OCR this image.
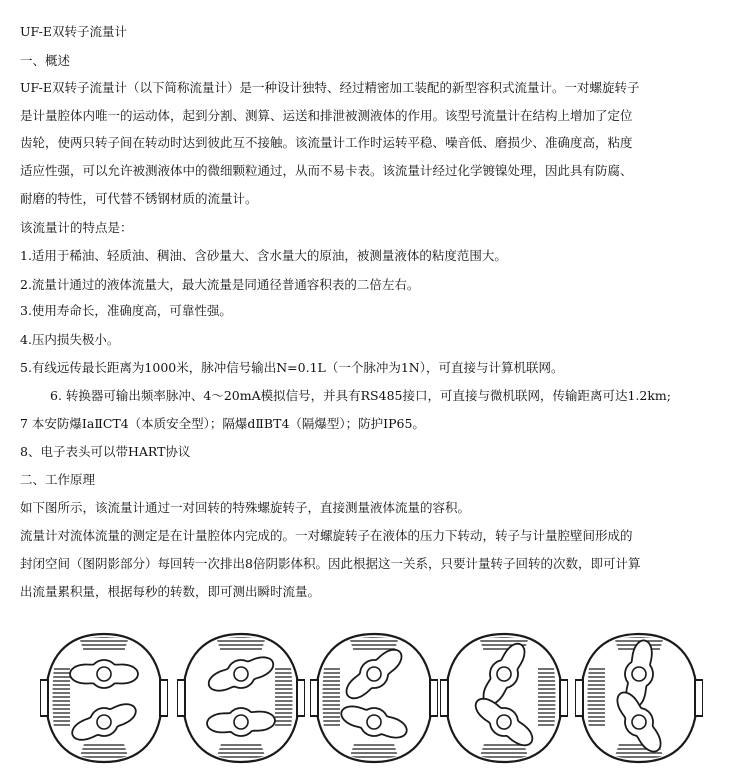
UF-E双转子流量计
一、概述
UF-E双转子流量计（以下简称流量计）是一种设计独特、经过精密加工装配的新型容积式流量计。一对螺旋转子
是计量腔体内唯一的运动体，起到分割、测算、运送和排泄被测液体的作用。该型号流量计在结构上增加了定位
齿轮，使两只转子间在转动时达到彼此互不接触。该流量计工作时运转平稳、噪音低、磨损少、准确度高，粘度
适应性强，可以允许被测液体中的微细颗粒通过，从而不易卡表。该流量计经过化学镀镍处理，因此具有防腐、
耐磨的特性，可代替不锈钢材质的流量计。
该流量计的特点是：
1.适用于稀油、轻质油、稠油、含砂量大、含水量大的原油，被测量液体的粘度范围大。
2.流量计通过的液体流量大，最大流量是同通径普通容积表的二倍左右。
3.使用寿命长，准确度高，可靠性强。
4.压内损失极小。
5.有线远传最长距离为1000米，脉冲信号输出N=0.1L（一个脉冲为1N），可直接与计算机联网。
6. 转换器可输出频率脉冲、4～20mA模拟信号，并具有RS485接口，可直接与微机联网，传输距离可达1.2km;
7 本安防爆IaⅡCT4（本质安全型）；隔爆dⅡBT4（隔爆型）；防护IP65。
8、电子表头可以带HART协议
二、工作原理
如下图所示，该流量计通过一对回转的特殊螺旋转子，直接测量液体流量的容积。
流量计对流体流量的测定是在计量腔体内完成的。一对螺旋转子在液体的压力下转动，转子与计量腔壁间形成的
封闭空间（图阴影部分）每回转一次排出8倍阴影体积。因此根据这一关系，只要计量转子回转的次数，即可计算
出流量累积量，根据每秒的转数，即可测出瞬时流量。
